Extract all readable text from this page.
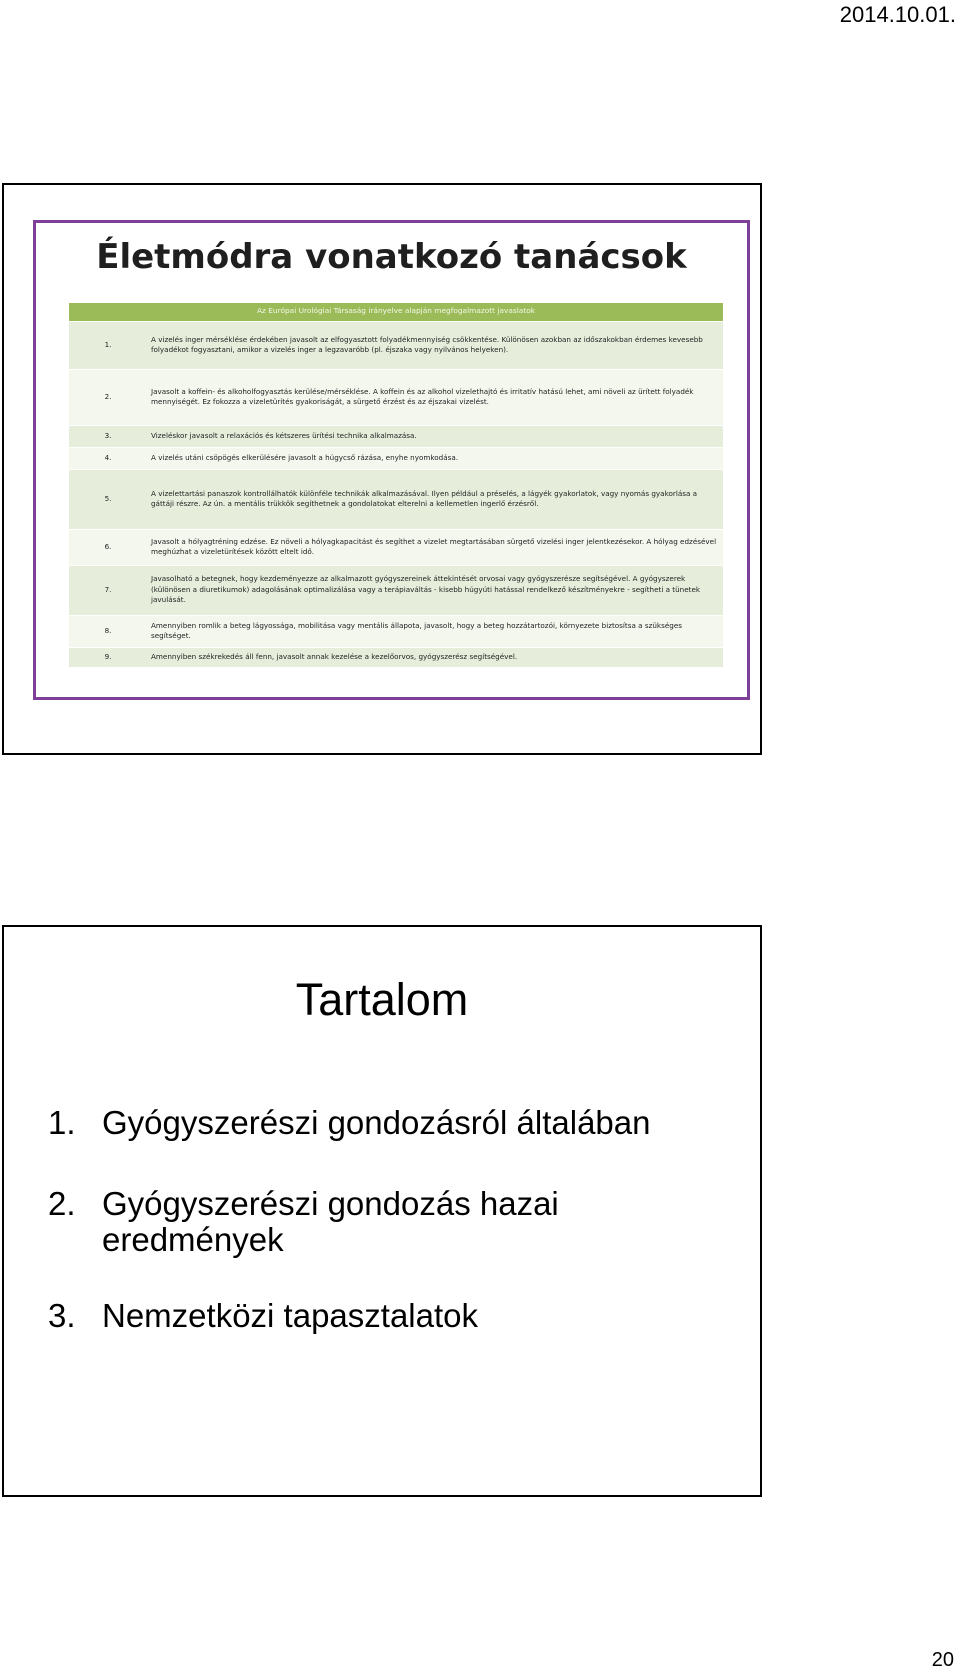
2014.10.01.
Életmódra vonatkozó tanácsok
Az Európai Urológiai Társaság irányelve alapján megfogalmazott javaslatok	
1.	A vizelés inger mérséklése érdekében javasolt az elfogyasztott folyadékmennyiség csökkentése. Különösen azokban az időszakokban érdemes kevesebb folyadékot fogyasztani, amikor a vizelés inger a legzavaróbb (pl. éjszaka vagy nyilvános helyeken).
2.	Javasolt a koffein- és alkoholfogyasztás kerülése/mérséklése. A koffein és az alkohol vizelethajtó és irritatív hatású lehet, ami növeli az ürített folyadék mennyiségét. Ez fokozza a vizeletürítés gyakoriságát, a sürgető érzést és az éjszakai vizelést.
3.	Vizeléskor javasolt a relaxációs és kétszeres ürítési technika alkalmazása.
4.	A vizelés utáni csöpögés elkerülésére javasolt a húgycső rázása, enyhe nyomkodása.
5.	A vizelettartási panaszok kontrollálhatók különféle technikák alkalmazásával. Ilyen például a préselés, a lágyék gyakorlatok, vagy nyomás gyakorlása a gáttáji részre. Az ún. a mentális trükkök segíthetnek a gondolatokat elterelni a kellemetlen ingerlő érzésről.
6.	Javasolt a hólyagtréning edzése. Ez növeli a hólyagkapacitást és segíthet a vizelet megtartásában sürgető vizelési inger jelentkezésekor. A hólyag edzésével meghúzhat a vizeletürítések között eltelt idő.
7.	Javasolható a betegnek, hogy kezdeményezze az alkalmazott gyógyszereinek áttekintését orvosai vagy gyógyszerésze segítségével. A gyógyszerek (különösen a diuretikumok) adagolásának optimalizálása vagy a terápiaváltás - kisebb húgyúti hatással rendelkező készítményekre - segítheti a tünetek javulását.
8.	Amennyiben romlik a beteg lágyossága, mobilitása vagy mentális állapota, javasolt, hogy a beteg hozzátartozói, környezete biztosítsa a szükséges segítséget.
9.	Amennyiben székrekedés áll fenn, javasolt annak kezelése a kezelőorvos, gyógyszerész segítségével.
Tartalom
1. Gyógyszerészi gondozásról általában
2. Gyógyszerészi gondozás hazai eredmények
3. Nemzetközi tapasztalatok
20
